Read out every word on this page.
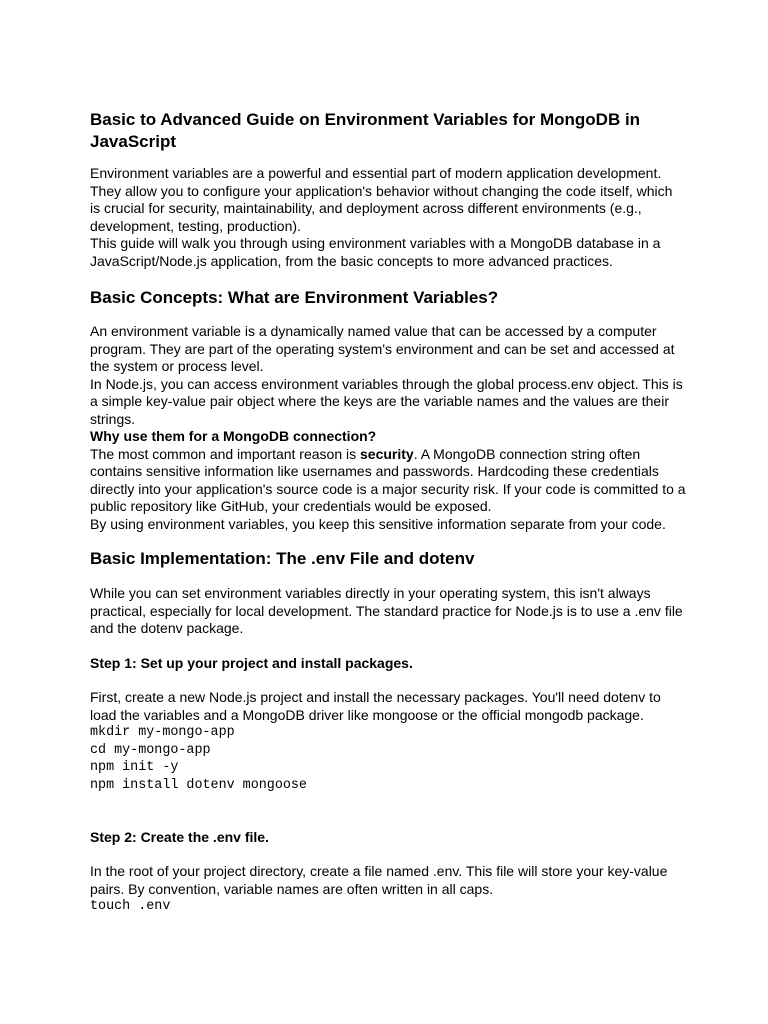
Basic to Advanced Guide on Environment Variables for MongoDB in
JavaScript
Environment variables are a powerful and essential part of modern application development.
They allow you to configure your application's behavior without changing the code itself, which
is crucial for security, maintainability, and deployment across different environments (e.g.,
development, testing, production).
This guide will walk you through using environment variables with a MongoDB database in a
JavaScript/Node.js application, from the basic concepts to more advanced practices.
Basic Concepts: What are Environment Variables?
An environment variable is a dynamically named value that can be accessed by a computer
program. They are part of the operating system's environment and can be set and accessed at
the system or process level.
In Node.js, you can access environment variables through the global process.env object. This is
a simple key-value pair object where the keys are the variable names and the values are their
strings.
Why use them for a MongoDB connection?
The most common and important reason is security. A MongoDB connection string often
contains sensitive information like usernames and passwords. Hardcoding these credentials
directly into your application's source code is a major security risk. If your code is committed to a
public repository like GitHub, your credentials would be exposed.
By using environment variables, you keep this sensitive information separate from your code.
Basic Implementation: The .env File and dotenv
While you can set environment variables directly in your operating system, this isn't always
practical, especially for local development. The standard practice for Node.js is to use a .env file
and the dotenv package.
Step 1: Set up your project and install packages.
First, create a new Node.js project and install the necessary packages. You'll need dotenv to
load the variables and a MongoDB driver like mongoose or the official mongodb package.
mkdir my-mongo-app
cd my-mongo-app
npm init -y
npm install dotenv mongoose
Step 2: Create the .env file.
In the root of your project directory, create a file named .env. This file will store your key-value
pairs. By convention, variable names are often written in all caps.
touch .env
